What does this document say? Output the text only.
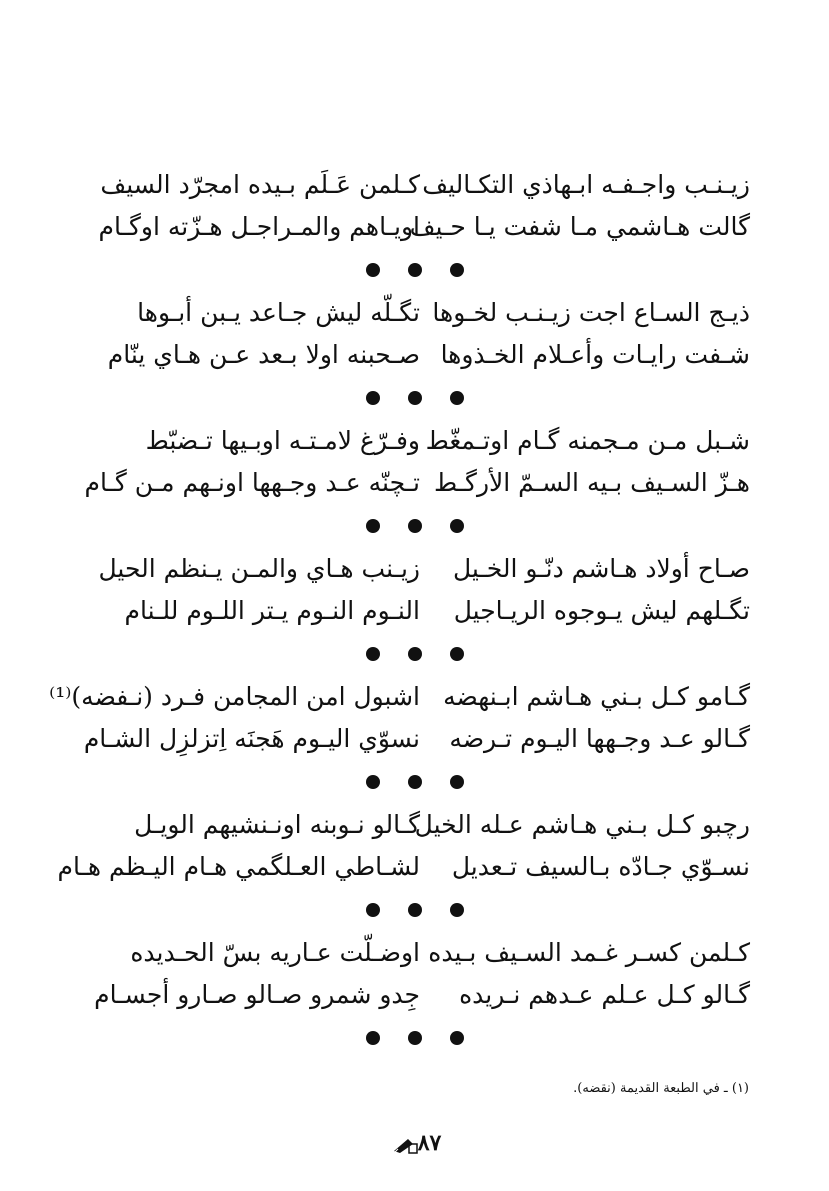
زيـنـب واجـفـه ابـهاذي التكـاليف
كـلمن عَـلَم بـيده امجرّد السيف
گالت هـاشمي مـا شفت يـا حـيف
اويـاهم والمـراجـل هـزّته اوگـام
ذيـج السـاع اجت زيـنـب لخـوها
تگـلّه ليش جـاعد يـبن أبـوها
شـفت رايـات وأعـلام الخـذوها
صـحبنه اولا بـعد عـن هـاي ينّام
شـبل مـن مـجمنه گـام اوتـمغّط
وفـرّغ لامـتـه اوبـيها تـضبّط
هـزّ السـيف بـيه السـمّ الأرگـط
تـچنّه عـد وجـهها اونـهم مـن گـام
صـاح أولاد هـاشم دنّـو الخـيل
زيـنب هـاي والمـن يـنظم الحيل
تگـلهم ليش يـوجوه الريـاجيل
النـوم النـوم يـتر اللـوم للـنام
گـامو كـل بـني هـاشم ابـنهضه
اشبول امن المجامن فـرد (نـفضه)⁽¹⁾
گـالو عـد وجـهها اليـوم تـرضه
نسوّي اليـوم هَجنَه اِتزلزِل الشـام
رچبو كـل بـني هـاشم عـله الخيل
گـالو نـوبنه اونـنشيهم الويـل
نسـوّي جـادّه بـالسيف تـعديل
لشـاطي العـلگمي هـام اليـظم هـام
كـلمن كسـر غـمد السـيف بـيده
اوضـلّت عـاريه بسّ الحـديده
گـالو كـل عـلم عـدهم نـريده
جِدو شمرو صـالو صـارو أجسـام
(١) ـ في الطبعة القديمة (نقضه).
٨٧
